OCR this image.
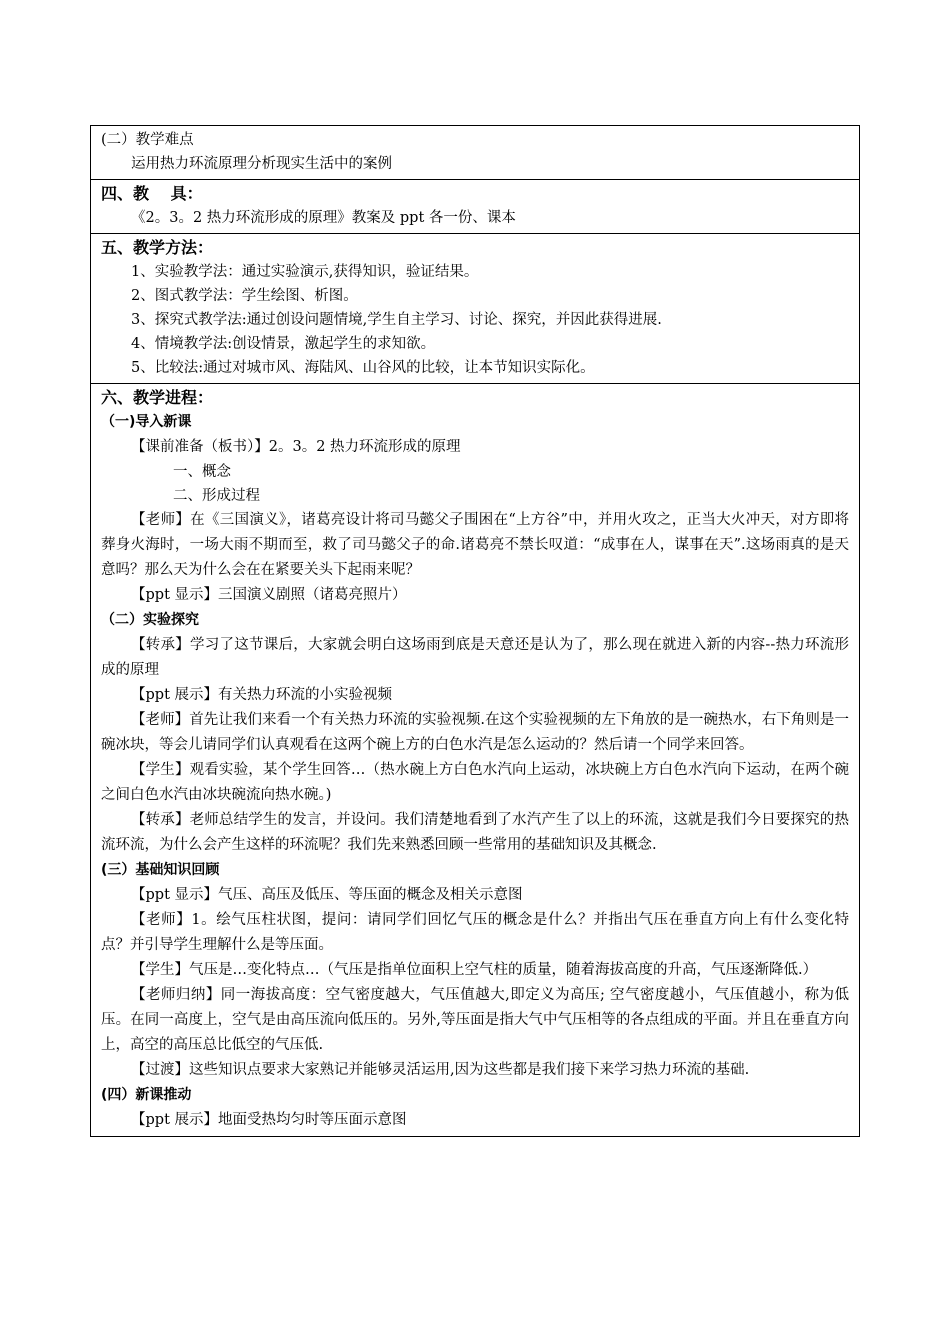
(二）教学难点
运用热力环流原理分析现实生活中的案例
四、教　 具：
《2。3。2 热力环流形成的原理》教案及 ppt 各一份、课本
五、教学方法：
1、实验教学法：通过实验演示,获得知识，验证结果。
2、图式教学法：学生绘图、析图。
3、探究式教学法:通过创设问题情境,学生自主学习、讨论、探究，并因此获得进展.
4、情境教学法:创设情景，激起学生的求知欲。
5、比较法:通过对城市风、海陆风、山谷风的比较，让本节知识实际化。
六、教学进程：
（一)导入新课
【课前准备（板书）】2。3。2 热力环流形成的原理
一、概念
二、形成过程
【老师】在《三国演义》，诸葛亮设计将司马懿父子围困在“上方谷”中，并用火攻之，正当大火冲天，对方即将葬身火海时，一场大雨不期而至，救了司马懿父子的命.诸葛亮不禁长叹道：“成事在人，谋事在天”.这场雨真的是天意吗？那么天为什么会在在紧要关头下起雨来呢？
【ppt 显示】三国演义剧照（诸葛亮照片）
（二）实验探究
【转承】学习了这节课后，大家就会明白这场雨到底是天意还是认为了，那么现在就进入新的内容--热力环流形成的原理
【ppt 展示】有关热力环流的小实验视频
【老师】首先让我们来看一个有关热力环流的实验视频.在这个实验视频的左下角放的是一碗热水，右下角则是一碗冰块，等会儿请同学们认真观看在这两个碗上方的白色水汽是怎么运动的？然后请一个同学来回答。
【学生】观看实验，某个学生回答…（热水碗上方白色水汽向上运动，冰块碗上方白色水汽向下运动，在两个碗之间白色水汽由冰块碗流向热水碗。)
【转承】老师总结学生的发言，并设问。我们清楚地看到了水汽产生了以上的环流，这就是我们今日要探究的热流环流，为什么会产生这样的环流呢？我们先来熟悉回顾一些常用的基础知识及其概念.
(三）基础知识回顾
【ppt 显示】气压、高压及低压、等压面的概念及相关示意图
【老师】1。绘气压柱状图，提问：请同学们回忆气压的概念是什么？并指出气压在垂直方向上有什么变化特点？并引导学生理解什么是等压面。
【学生】气压是…变化特点…（气压是指单位面积上空气柱的质量，随着海拔高度的升高，气压逐渐降低.）
【老师归纳】同一海拔高度：空气密度越大，气压值越大,即定义为高压; 空气密度越小，气压值越小，称为低压。在同一高度上，空气是由高压流向低压的。另外,等压面是指大气中气压相等的各点组成的平面。并且在垂直方向上，高空的高压总比低空的气压低.
【过渡】这些知识点要求大家熟记并能够灵活运用,因为这些都是我们接下来学习热力环流的基础.
(四）新课推动
【ppt 展示】地面受热均匀时等压面示意图
